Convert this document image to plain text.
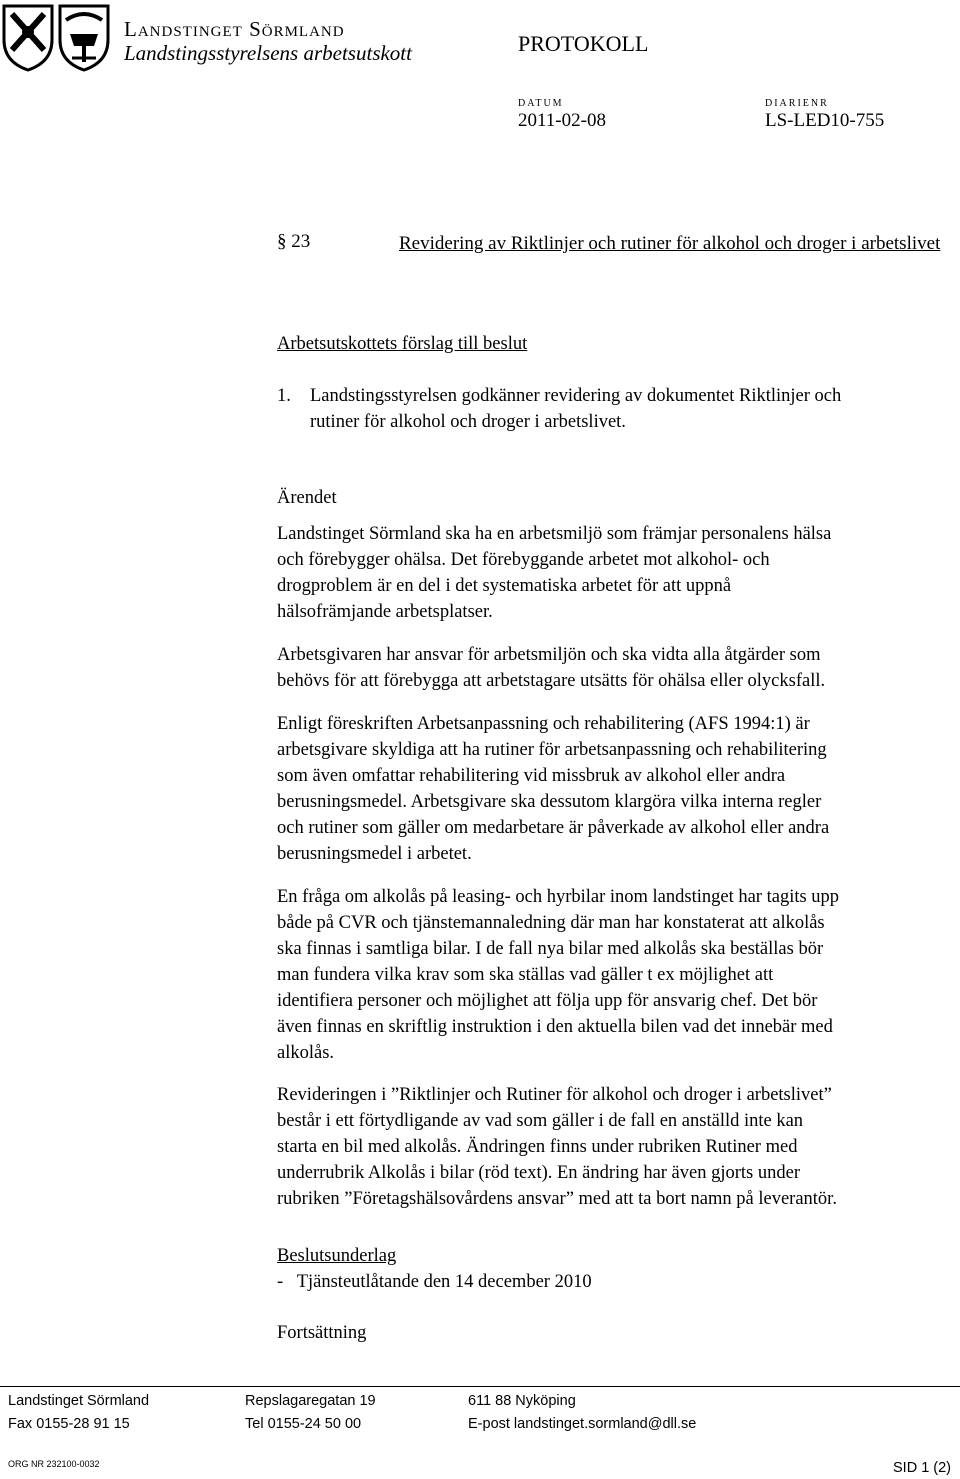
Landstinget Sörmland
Landstingsstyrelsens arbetsutskott	PROTOKOLL
DATUM
2011-02-08
DIARIENR
LS-LED10-755
§ 23	Revidering av Riktlinjer och rutiner för alkohol och droger i arbetslivet
Arbetsutskottets förslag till beslut
1. Landstingsstyrelsen godkänner revidering av dokumentet Riktlinjer och
rutiner för alkohol och droger i arbetslivet.
Ärendet
Landstinget Sörmland ska ha en arbetsmiljö som främjar personalens hälsa
och förebygger ohälsa. Det förebyggande arbetet mot alkohol- och
drogproblem är en del i det systematiska arbetet för att uppnå
hälsofrämjande arbetsplatser.
Arbetsgivaren har ansvar för arbetsmiljön och ska vidta alla åtgärder som
behövs för att förebygga att arbetstagare utsätts för ohälsa eller olycksfall.
Enligt föreskriften Arbetsanpassning och rehabilitering (AFS 1994:1) är
arbetsgivare skyldiga att ha rutiner för arbetsanpassning och rehabilitering
som även omfattar rehabilitering vid missbruk av alkohol eller andra
berusningsmedel. Arbetsgivare ska dessutom klargöra vilka interna regler
och rutiner som gäller om medarbetare är påverkade av alkohol eller andra
berusningsmedel i arbetet.
En fråga om alkolås på leasing- och hyrbilar inom landstinget har tagits upp
både på CVR och tjänstemannaledning där man har konstaterat att alkolås
ska finnas i samtliga bilar. I de fall nya bilar med alkolås ska beställas bör
man fundera vilka krav som ska ställas vad gäller t ex möjlighet att
identifiera personer och möjlighet att följa upp för ansvarig chef. Det bör
även finnas en skriftlig instruktion i den aktuella bilen vad det innebär med
alkolås.
Revideringen i ”Riktlinjer och Rutiner för alkohol och droger i arbetslivet”
består i ett förtydligande av vad som gäller i de fall en anställd inte kan
starta en bil med alkolås. Ändringen finns under rubriken Rutiner med
underrubrik Alkolås i bilar (röd text). En ändring har även gjorts under
rubriken ”Företagshälsovårdens ansvar” med att ta bort namn på leverantör.
Beslutsunderlag
-   Tjänsteutlåtande den 14 december 2010
Fortsättning
Landstinget Sörmland
Fax 0155-28 91 15
Repslagaregatan 19
Tel 0155-24 50 00
611 88 Nyköping
E-post landstinget.sormland@dll.se
ORG NR 232100-0032	SID 1 (2)
